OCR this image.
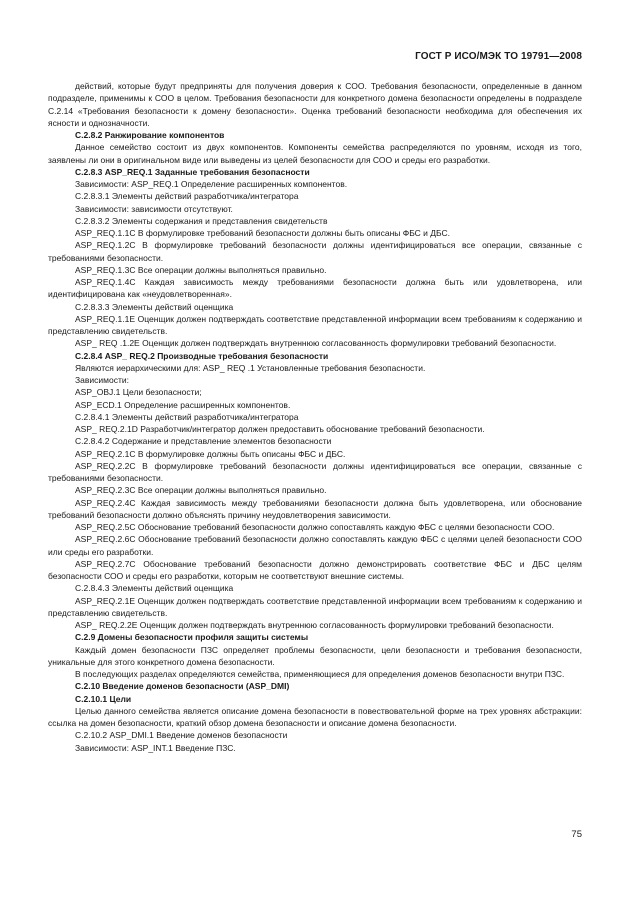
ГОСТ Р ИСО/МЭК ТО 19791—2008

действий, которые будут предприняты для получения доверия к СОО. Требования безопасности, определенные в данном подразделе, применимы к СОО в целом. Требования безопасности для конкретного домена безопасности определены в подразделе С.2.14 «Требования безопасности к домену безопасности». Оценка требований безопасности необходима для обеспечения их ясности и однозначности.

С.2.8.2 Ранжирование компонентов

Данное семейство состоит из двух компонентов. Компоненты семейства распределяются по уровням, исходя из того, заявлены ли они в оригинальном виде или выведены из целей безопасности для СОО и среды его разработки.

С.2.8.3 ASP_REQ.1 Заданные требования безопасности

Зависимости: ASP_REQ.1 Определение расширенных компонентов.

С.2.8.3.1 Элементы действий разработчика/интегратора

Зависимости: зависимости отсутствуют.

С.2.8.3.2 Элементы содержания и представления свидетельств

ASP_REQ.1.1С В формулировке требований безопасности должны быть описаны ФБС и ДБС.

ASP_REQ.1.2С В формулировке требований безопасности должны идентифицироваться все операции, связанные с требованиями безопасности.

ASP_REQ.1.3С Все операции должны выполняться правильно.

ASP_REQ.1.4С Каждая зависимость между требованиями безопасности должна быть или удовлетворена, или идентифицирована как «неудовлетворенная».

С.2.8.3.3 Элементы действий оценщика

ASP_REQ.1.1Е Оценщик должен подтверждать соответствие представленной информации всем требованиям к содержанию и представлению свидетельств.

ASP_ REQ .1.2Е Оценщик должен подтверждать внутреннюю согласованность формулировки требований безопасности.

С.2.8.4 ASP_ REQ.2 Производные требования безопасности

Являются иерархическими для: ASP_ REQ .1 Установленные требования безопасности.

Зависимости:

ASP_OBJ.1 Цели безопасности;

ASP_ECD.1 Определение расширенных компонентов.

С.2.8.4.1 Элементы действий разработчика/интегратора

ASP_ REQ.2.1D Разработчик/интегратор должен предоставить обоснование требований безопасности.

С.2.8.4.2 Содержание и представление элементов безопасности

ASP_REQ.2.1С В формулировке должны быть описаны ФБС и ДБС.

ASP_REQ.2.2С В формулировке требований безопасности должны идентифицироваться все операции, связанные с требованиями безопасности.

ASP_REQ.2.3С Все операции должны выполняться правильно.

ASP_REQ.2.4С Каждая зависимость между требованиями безопасности должна быть удовлетворена, или обоснование требований безопасности должно объяснять причину неудовлетворения зависимости.

ASP_REQ.2.5С Обоснование требований безопасности должно сопоставлять каждую ФБС с целями безопасности СОО.

ASP_REQ.2.6С Обоснование требований безопасности должно сопоставлять каждую ФБС с целями целей безопасности СОО или среды его разработки.

ASP_REQ.2.7С Обоснование требований безопасности должно демонстрировать соответствие ФБС и ДБС целям безопасности СОО и среды его разработки, которым не соответствуют внешние системы.

С.2.8.4.3 Элементы действий оценщика

ASP_REQ.2.1Е Оценщик должен подтверждать соответствие представленной информации всем требованиям к содержанию и представлению свидетельств.

ASP_ REQ.2.2Е Оценщик должен подтверждать внутреннюю согласованность формулировки требований безопасности.

С.2.9 Домены безопасности профиля защиты системы

Каждый домен безопасности ПЗС определяет проблемы безопасности, цели безопасности и требования безопасности, уникальные для этого конкретного домена безопасности.

В последующих разделах определяются семейства, применяющиеся для определения доменов безопасности внутри ПЗС.

С.2.10 Введение доменов безопасности (ASP_DMI)

С.2.10.1 Цели

Целью данного семейства является описание домена безопасности в повествовательной форме на трех уровнях абстракции: ссылка на домен безопасности, краткий обзор домена безопасности и описание домена безопасности.

С.2.10.2 ASP_DMI.1 Введение доменов безопасности

Зависимости: ASP_INT.1 Введение ПЗС.

75
